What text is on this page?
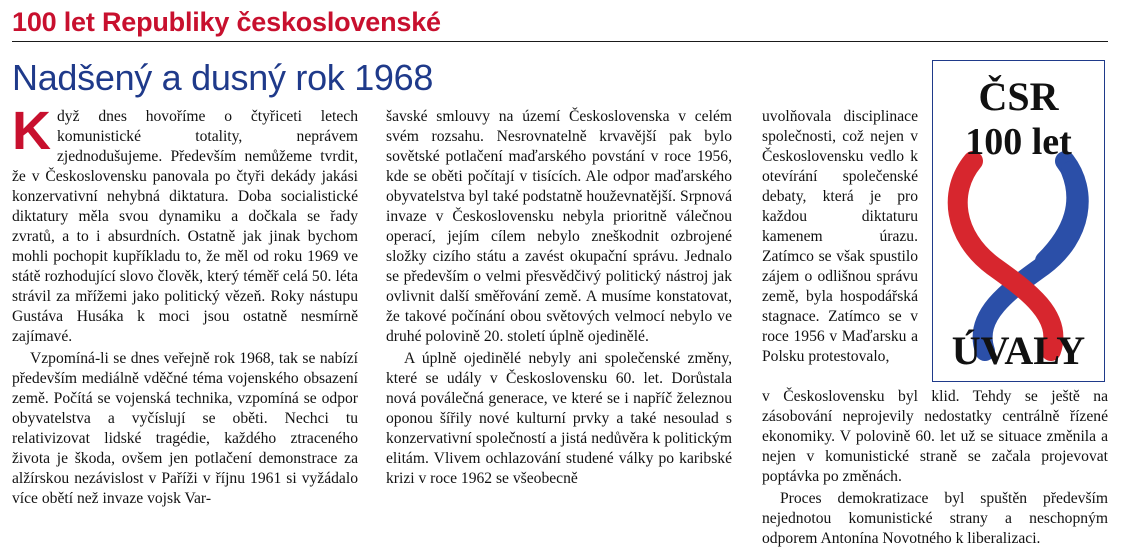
100 let Republiky československé
Nadšený a dusný rok 1968

Když dnes hovoříme o čtyřiceti letech komunistické totality, neprávem zjednodušujeme. Především nemůžeme tvrdit, že v Československu panovala po čtyři dekády jakási konzervativní nehybná diktatura. Doba socialistické diktatury měla svou dynamiku a dočkala se řady zvratů, a to i absurdních. Ostatně jak jinak bychom mohli pochopit kupříkladu to, že měl od roku 1969 ve státě rozhodující slovo člověk, který téměř celá 50. léta strávil za mřížemi jako politický vězeň. Roky nástupu Gustáva Husáka k moci jsou ostatně nesmírně zajímavé.

Vzpomíná-li se dnes veřejně rok 1968, tak se nabízí především mediálně vděčné téma vojenského obsazení země. Počítá se vojenská technika, vzpomíná se odpor obyvatelstva a vyčíslují se oběti. Nechci tu relativizovat lidské tragédie, každého ztraceného života je škoda, ovšem jen potlačení demonstrace za alžírskou nezávislost v Paříži v říjnu 1961 si vyžádalo více obětí než invaze vojsk Var-

šavské smlouvy na území Československa v celém svém rozsahu. Nesrovnatelně krvavější pak bylo sovětské potlačení maďarského povstání v roce 1956, kde se oběti počítají v tisících. Ale odpor maďarského obyvatelstva byl také podstatně houževnatější. Srpnová invaze v Československu nebyla prioritně válečnou operací, jejím cílem nebylo zneškodnit ozbrojené složky cizího státu a zavést okupační správu. Jednalo se především o velmi přesvědčivý politický nástroj jak ovlivnit další směřování země. A musíme konstatovat, že takové počínání obou světových velmocí nebylo ve druhé polovině 20. století úplně ojedinělé.

A úplně ojedinělé nebyly ani společenské změny, které se udály v Československu 60. let. Dorůstala nová poválečná generace, ve které se i napříč železnou oponou šířily nové kulturní prvky a také nesoulad s konzervativní společností a jistá nedůvěra k politickým elitám. Vlivem ochlazování studené války po karibské krizi v roce 1962 se všeobecně

uvolňovala disciplinace společnosti, což nejen v Československu vedlo k otevírání společenské debaty, která je pro každou diktaturu kamenem úrazu. Zatímco se však spustilo zájem o odlišnou správu země, byla hospodářská stagnace. Zatímco se v roce 1956 v Maďarsku a Polsku protestovalo,

v Československu byl klid. Tehdy se ještě na zásobování neprojevily nedostatky centrálně řízené ekonomiky. V polovině 60. let už se situace změnila a nejen v komunistické straně se začala projevovat poptávka po změnách.

Proces demokratizace byl spuštěn především nejednotou komunistické strany a neschopným odporem Antonína Novotného k liberalizaci.

ČSR
100 let
ÚVALY
